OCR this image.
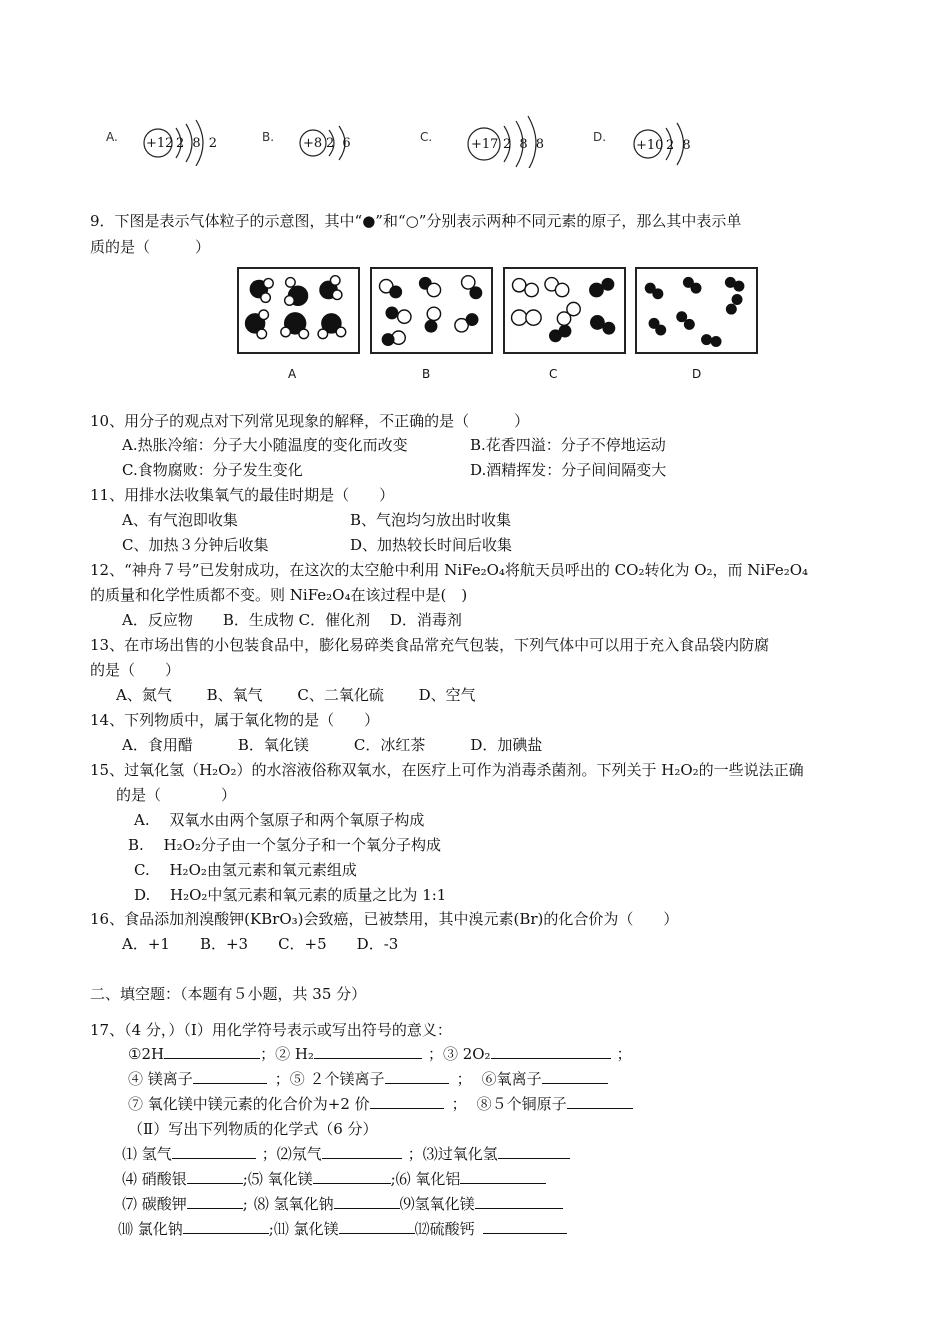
A. +12 2 8 2	B. +8 2 6	C.	+17 2 8 8	D.
+10 2 8
9．下图是表示气体粒子的示意图，其中“●”和“○”分别表示两种不同元素的原子，那么其中表示单
质的是（　　　）
A	B	C	D
10、用分子的观点对下列常见现象的解释，不正确的是（　　　）
A.热胀冷缩：分子大小随温度的变化而改变	B.花香四溢：分子不停地运动
C.食物腐败：分子发生变化	D.酒精挥发：分子间间隔变大
11、用排水法收集氧气的最佳时期是（　　）
A、有气泡即收集	B、气泡均匀放出时收集
C、加热３分钟后收集	D、加热较长时间后收集
12、“神舟７号”已发射成功，在这次的太空舱中利用 NiFe₂O₄将航天员呼出的 CO₂转化为 O₂，而 NiFe₂O₄
的质量和化学性质都不变。则 NiFe₂O₄在该过程中是(　)
A．反应物　　B．生成物 C．催化剂　 D．消毒剂
13、在市场出售的小包装食品中，膨化易碎类食品常充气包装，下列气体中可以用于充入食品袋内防腐
的是（　　）
A、氮气　　 B、氧气　　 C、二氧化硫　　 D、空气
14、下列物质中，属于氧化物的是（　　）
A．食用醋　　　B．氧化镁　　　C．冰红茶　　　D．加碘盐
15、过氧化氢（H₂O₂）的水溶液俗称双氧水，在医疗上可作为消毒杀菌剂。下列关于 H₂O₂的一些说法正确
的是（　　　　）
A.　 双氧水由两个氢原子和两个氧原子构成
B.　 H₂O₂分子由一个氢分子和一个氧分子构成
C.　 H₂O₂由氢元素和氧元素组成
D.　 H₂O₂中氢元素和氧元素的质量之比为 1:1
16、食品添加剂溴酸钾(KBrO₃)会致癌，已被禁用，其中溴元素(Br)的化合价为（　　）
A．+1　　B．+3　　C．+5　　D．-3
二、填空题：（本题有５小题，共 35 分）
17、（4 分，）（Ⅰ）用化学符号表示或写出符号的意义：
①2H	；② H₂	；③ 2O₂	；
④ 镁离子	；⑤ ２个镁离子	； ⑥氧离子
⑦ 氧化镁中镁元素的化合价为+2 价	； ⑧５个铜原子
（Ⅱ）写出下列物质的化学式（6 分）
⑴ 氢气	；⑵氖气	；⑶过氧化氢
⑷ 硝酸银	;⑸ 氧化镁	;⑹ 氧化铝
⑺ 碳酸钾	; ⑻ 氢氧化钠	⑼氢氧化镁
⑽ 氯化钠	;⑾ 氯化镁	⑿硫酸钙
